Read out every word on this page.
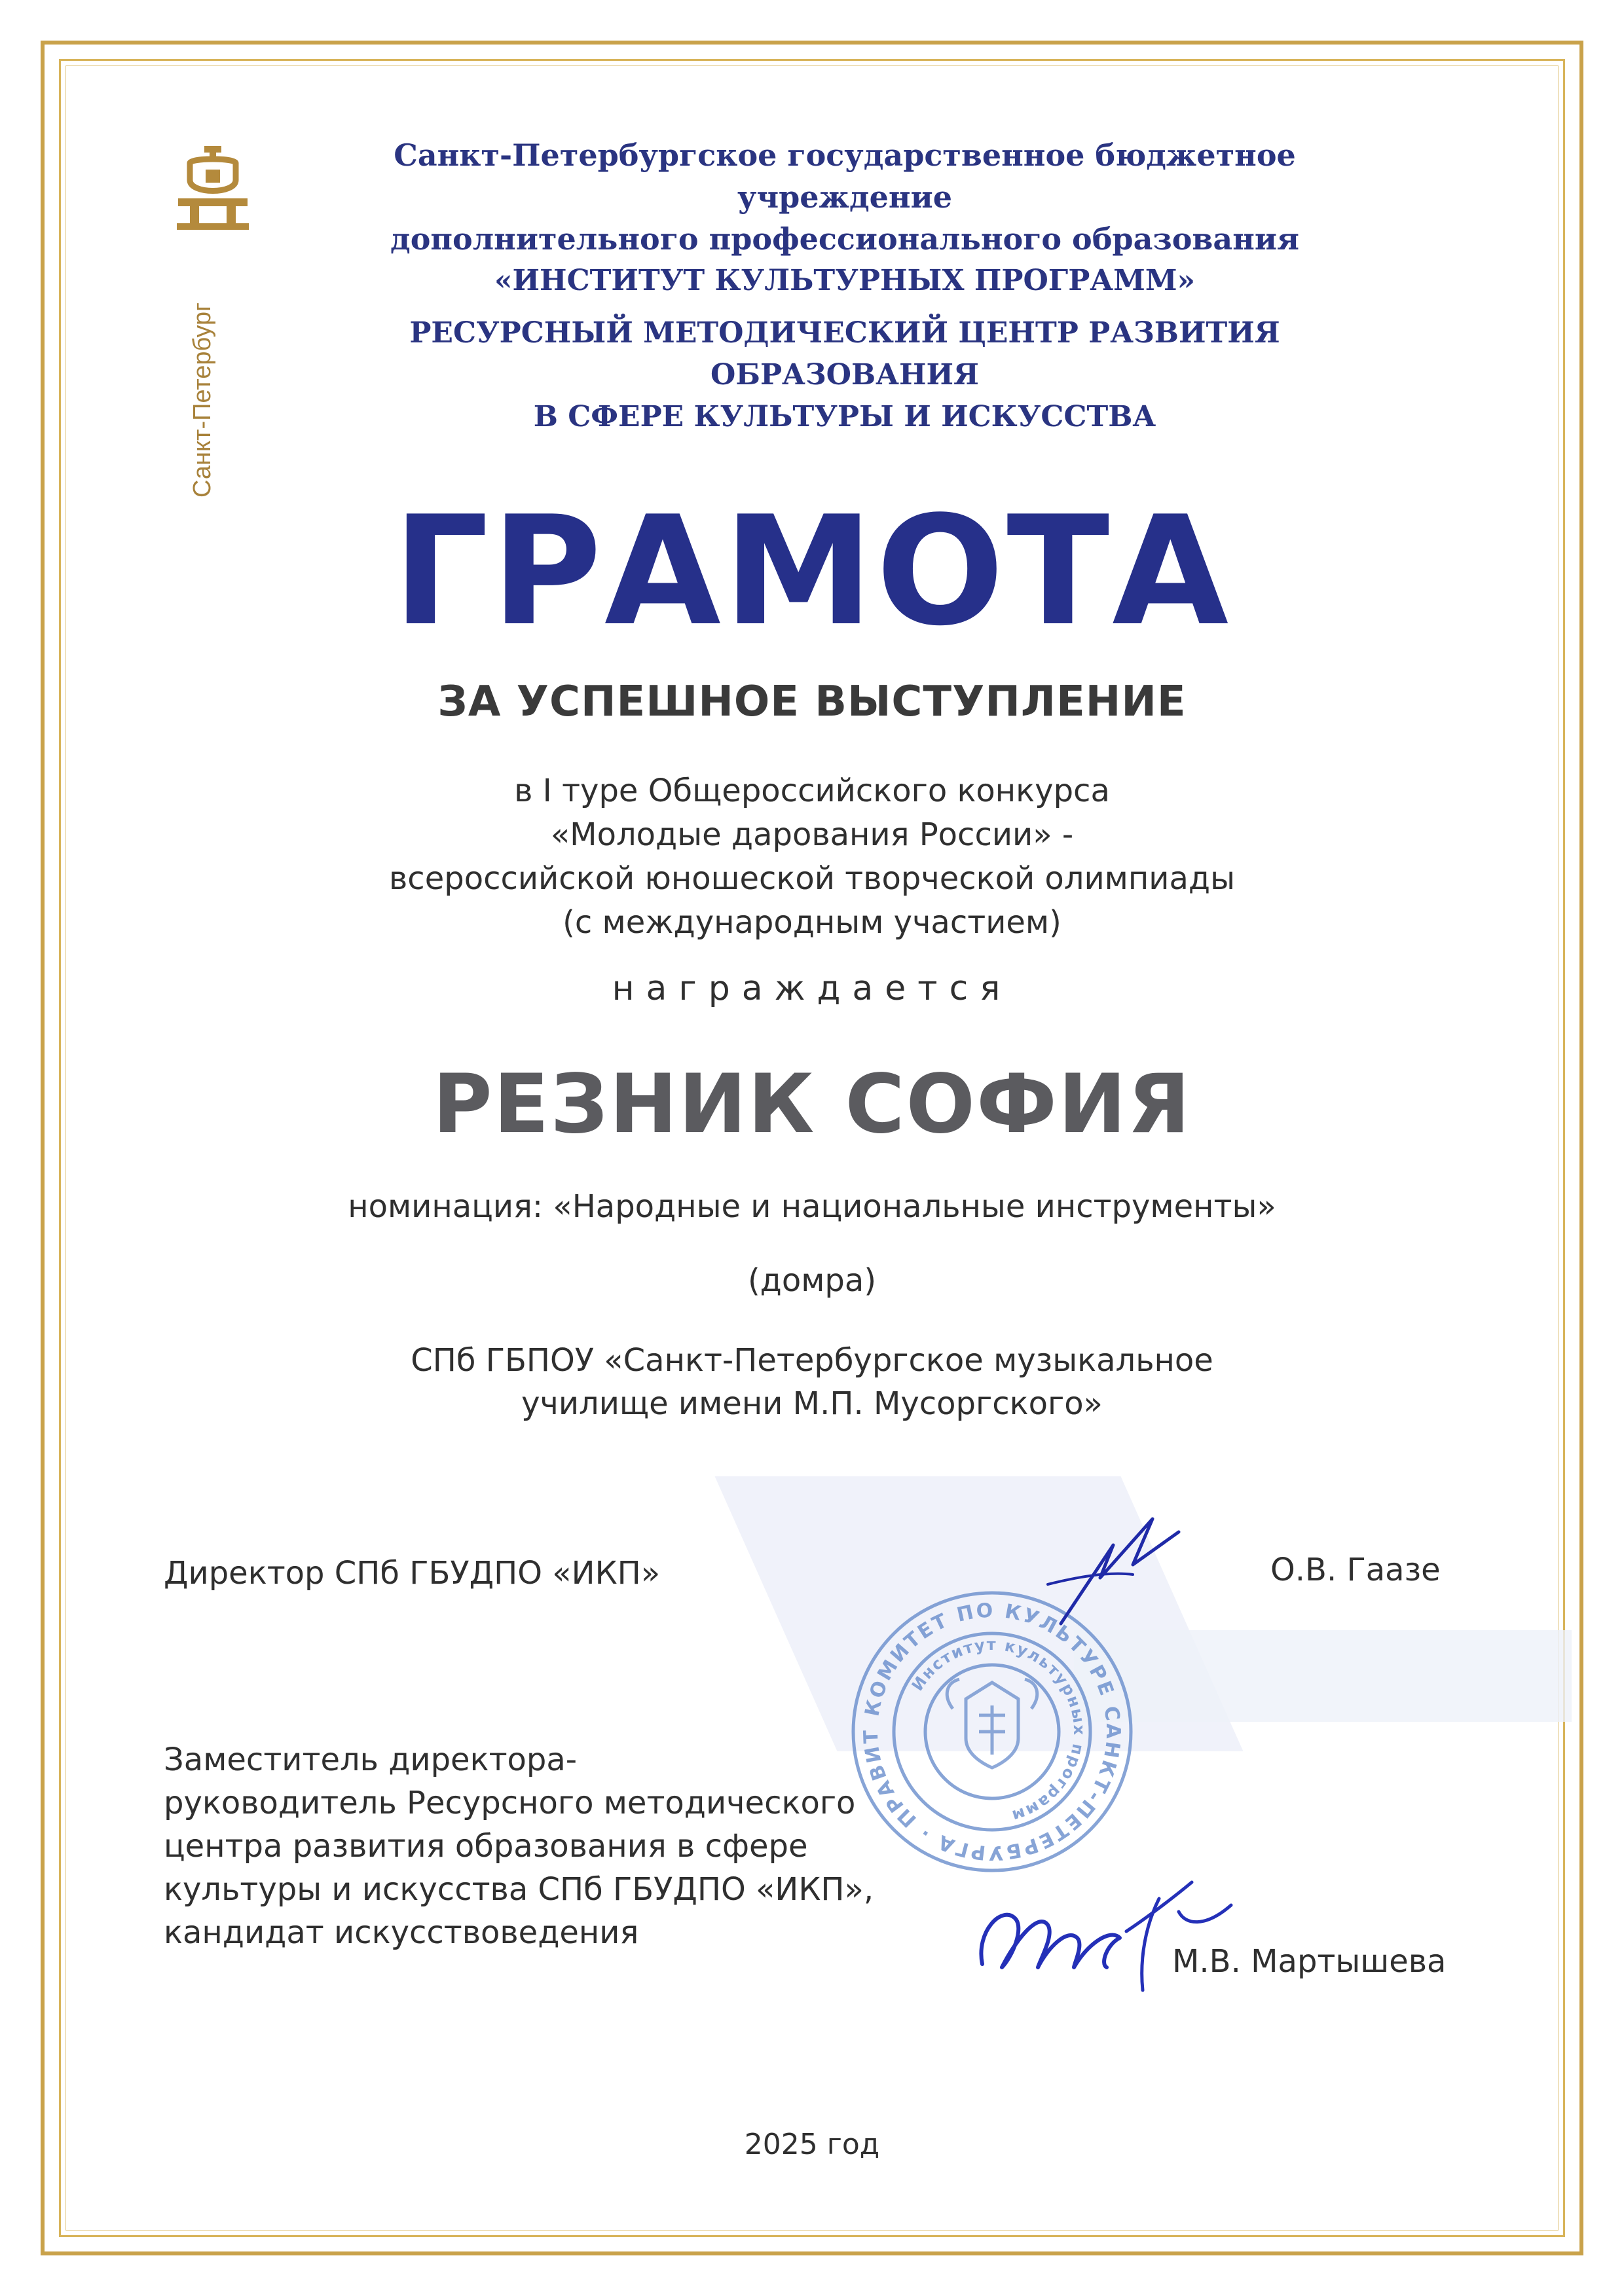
Санкт-Петербург
Санкт-Петербургское государственное бюджетное учреждение
дополнительного профессионального образования
«ИНСТИТУТ КУЛЬТУРНЫХ ПРОГРАММ»
РЕСУРСНЫЙ МЕТОДИЧЕСКИЙ ЦЕНТР РАЗВИТИЯ ОБРАЗОВАНИЯ
В СФЕРЕ КУЛЬТУРЫ И ИСКУССТВА
ГРАМОТА
ЗА УСПЕШНОЕ ВЫСТУПЛЕНИЕ
в I туре Общероссийского конкурса
«Молодые дарования России» -
всероссийской юношеской творческой олимпиады
(с международным участием)
награждается
РЕЗНИК СОФИЯ
номинация: «Народные и национальные инструменты»
(домра)
СПб ГБПОУ «Санкт-Петербургское музыкальное
училище имени М.П. Мусоргского»
Директор СПб ГБУДПО «ИКП»	О.В. Гаазе
КОМИТЕТ ПО КУЛЬТУРЕ САНКТ-ПЕТЕРБУРГА · ПРАВИТ
Институт культурных программ
Заместитель директора-
руководитель Ресурсного методического
центра развития образования в сфере
культуры и искусства СПб ГБУДПО «ИКП»,
кандидат искусствоведения
М.В. Мартышева
2025 год
